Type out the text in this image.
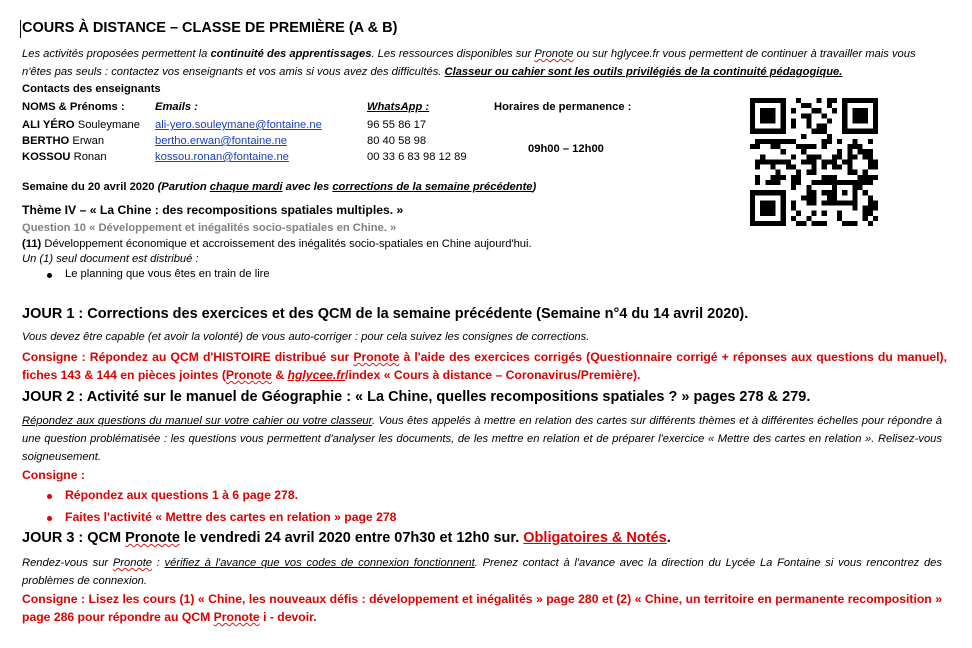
COURS À DISTANCE – CLASSE DE PREMIÈRE (A & B)
Les activités proposées permettent la continuité des apprentissages. Les ressources disponibles sur Pronote ou sur hglycee.fr vous permettent de continuer à travailler mais vous n'êtes pas seuls : contactez vos enseignants et vos amis si vous avez des difficultés. Classeur ou cahier sont les outils privilégiés de la continuité pédagogique.
Contacts des enseignants
NOMS & Prénoms :	Emails :	WhatsApp :	Horaires de permanence :
ALI YÉRO Souleymane ali-yero.souleymane@fontaine.ne	96 55 86 17
BERTHO Erwan	bertho.erwan@fontaine.ne	80 40 58 98
KOSSOU Ronan	kossou.ronan@fontaine.ne	00 33 6 83 98 12 89
09h00 – 12h00
Semaine du 20 avril 2020 (Parution chaque mardi avec les corrections de la semaine précédente)
Thème IV – « La Chine : des recompositions spatiales multiples. »
Question 10 « Développement et inégalités socio-spatiales en Chine. »
(11) Développement économique et accroissement des inégalités socio-spatiales en Chine aujourd'hui.
Un (1) seul document est distribué :
Le planning que vous êtes en train de lire
JOUR 1 : Corrections des exercices et des QCM de la semaine précédente (Semaine n°4 du 14 avril 2020).
Vous devez être capable (et avoir la volonté) de vous auto-corriger : pour cela suivez les consignes de corrections.
Consigne : Répondez au QCM d'HISTOIRE distribué sur Pronote à l'aide des exercices corrigés (Questionnaire corrigé + réponses aux questions du manuel), fiches 143 & 144 en pièces jointes (Pronote & hglycee.fr/index « Cours à distance – Coronavirus/Première).
JOUR 2 : Activité sur le manuel de Géographie : « La Chine, quelles recompositions spatiales ? » pages 278 & 279.
Répondez aux questions du manuel sur votre cahier ou votre classeur. Vous êtes appelés à mettre en relation des cartes sur différents thèmes et à différentes échelles pour répondre à une question problématisée : les questions vous permettent d'analyser les documents, de les mettre en relation et de préparer l'exercice « Mettre des cartes en relation ». Relisez-vous soigneusement.
Consigne :
Répondez aux questions 1 à 6 page 278.
Faites l'activité « Mettre des cartes en relation » page 278
JOUR 3 : QCM Pronote le vendredi 24 avril 2020 entre 07h30 et 12h0 sur. Obligatoires & Notés.
Rendez-vous sur Pronote : vérifiez à l'avance que vos codes de connexion fonctionnent. Prenez contact à l'avance avec la direction du Lycée La Fontaine si vous rencontrez des problèmes de connexion.
Consigne : Lisez les cours (1) « Chine, les nouveaux défis : développement et inégalités » page 280 et (2) « Chine, un territoire en permanente recomposition » page 286 pour répondre au QCM Pronote i - devoir.
